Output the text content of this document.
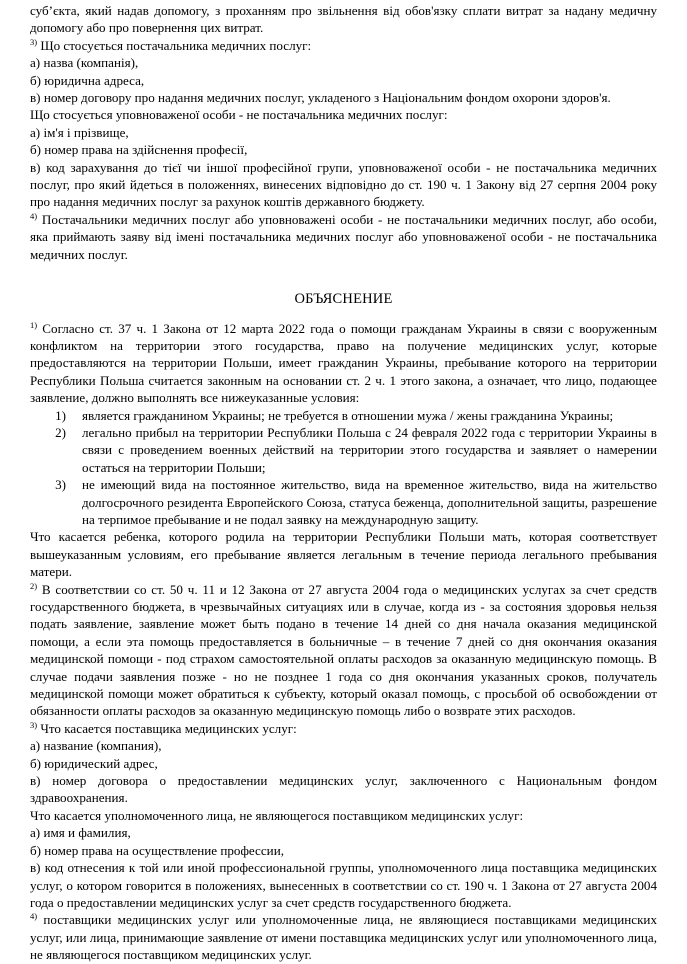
суб’єкта, який надав допомогу, з проханням про звільнення від обов'язку сплати витрат за надану медичну допомогу або про повернення цих витрат.

$^{3)}$ Що стосується постачальника медичних послуг:

а) назва (компанія),

б) юридична адреса,

в) номер договору про надання медичних послуг, укладеного з Національним фондом охорони здоров'я.

Що стосується уповноваженої особи - не постачальника медичних послуг:

а) ім'я і прізвище,

б) номер права на здійснення професії,

в) код зарахування до тієї чи іншої професійної групи, уповноваженої особи - не постачальника медичних послуг, про який йдеться в положеннях, винесених відповідно до ст. 190 ч. 1 Закону від 27 серпня 2004 року про надання медичних послуг за рахунок коштів державного бюджету.

$^{4)}$ Постачальники медичних послуг або уповноважені особи - не постачальники медичних послуг, або особи, яка приймають заяву від імені постачальника медичних послуг або уповноваженої особи - не постачальника медичних послуг.

ОБЪЯСНЕНИЕ

$^{1)}$ Согласно ст. 37 ч. 1 Закона от 12 марта 2022 года о помощи гражданам Украины в связи с вооруженным конфликтом на территории этого государства, право на получение медицинских услуг, которые предоставляются на территории Польши, имеет гражданин Украины, пребывание которого на территории Республики Польша считается законным на основании ст. 2 ч. 1 этого закона, а означает, что лицо, подающее заявление, должно выполнять все нижеуказанные условия:

1)	является гражданином Украины; не требуется в отношении мужа / жены гражданина Украины;
2)	легально прибыл на территории Республики Польша с 24 февраля 2022 года с территории Украины в связи с проведением военных действий на территории этого государства и заявляет о намерении остаться на территории Польши;
3)	не имеющий вида на постоянное жительство, вида на временное жительство, вида на жительство долгосрочного резидента Европейского Союза, статуса беженца, дополнительной защиты, разрешение на терпимое пребывание и не подал заявку на международную защиту.

Что касается ребенка, которого родила на территории Республики Польши мать, которая соответствует вышеуказанным условиям, его пребывание является легальным в течение периода легального пребывания матери.

$^{2)}$ В соответствии со ст. 50 ч. 11 и 12 Закона от 27 августа 2004 года о медицинских услугах за счет средств государственного бюджета, в чрезвычайных ситуациях или в случае, когда из - за состояния здоровья нельзя подать заявление, заявление может быть подано в течение 14 дней со дня начала оказания медицинской помощи, а если эта помощь предоставляется в больничные – в течение 7 дней со дня окончания оказания медицинской помощи - под страхом самостоятельной оплаты расходов за оказанную медицинскую помощь. В случае подачи заявления позже - но не позднее 1 года со дня окончания указанных сроков, получатель медицинской помощи может обратиться к субъекту, который оказал помощь, с просьбой об освобождении от обязанности оплаты расходов за оказанную медицинскую помощь либо о возврате этих расходов.

$^{3)}$ Что касается поставщика медицинских услуг:

а) название (компания),

б) юридический адрес,

в) номер договора о предоставлении медицинских услуг, заключенного с Национальным фондом здравоохранения.

Что касается уполномоченного лица, не являющегося поставщиком медицинских услуг:

а) имя и фамилия,

б) номер права на осуществление профессии,

в) код отнесения к той или иной профессиональной группы, уполномоченного лица поставщика медицинских услуг, о котором говорится в положениях, вынесенных в соответствии со ст. 190 ч. 1 Закона от 27 августа 2004 года о предоставлении медицинских услуг за счет средств государственного бюджета.

$^{4)}$ поставщики медицинских услуг или уполномоченные лица, не являющиеся поставщиками медицинских услуг, или лица, принимающие заявление от имени поставщика медицинских услуг или уполномоченного лица, не являющегося поставщиком медицинских услуг.
